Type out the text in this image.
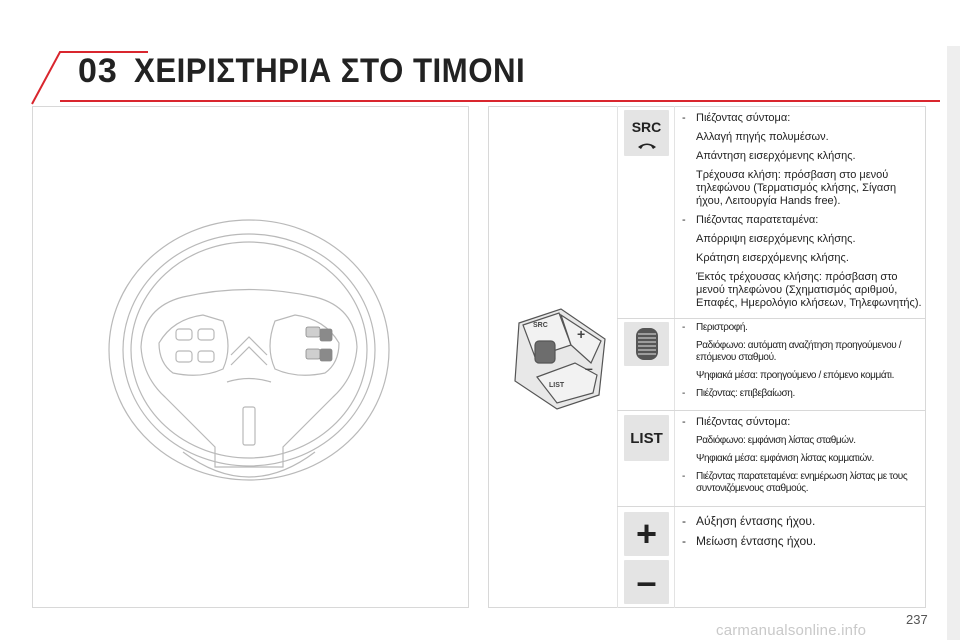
03 ΧΕΙΡΙΣΤΗΡΙΑ ΣΤΟ ΤΙΜΟΝΙ
SRC
LIST
+
–
SRC
LIST
+
–
- Πιέζοντας σύντομα:
Αλλαγή πηγής πολυμέσων.
Απάντηση εισερχόμενης κλήσης.
Τρέχουσα κλήση: πρόσβαση στο μενού τηλεφώνου (Τερματισμός κλήσης, Σίγαση ήχου, Λειτουργία Hands free).
- Πιέζοντας παρατεταμένα:
Απόρριψη εισερχόμενης κλήσης.
Κράτηση εισερχόμενης κλήσης.
Έκτός τρέχουσας κλήσης: πρόσβαση στο μενού τηλεφώνου (Σχηματισμός αριθμού, Επαφές, Ημερολόγιο κλήσεων, Τηλεφωνητής).
- Περιστροφή.
Ραδιόφωνο: αυτόματη αναζήτηση προηγούμενου / επόμενου σταθμού.
Ψηφιακά μέσα: προηγούμενο / επόμενο κομμάτι.
- Πιέζοντας: επιβεβαίωση.
- Πιέζοντας σύντομα:
Ραδιόφωνο: εμφάνιση λίστας σταθμών.
Ψηφιακά μέσα: εμφάνιση λίστας κομματιών.
- Πιέζοντας παρατεταμένα: ενημέρωση λίστας με τους συντονιζόμενους σταθμούς.
- Αύξηση έντασης ήχου.
- Μείωση έντασης ήχου.
237
carmanualsonline.info
